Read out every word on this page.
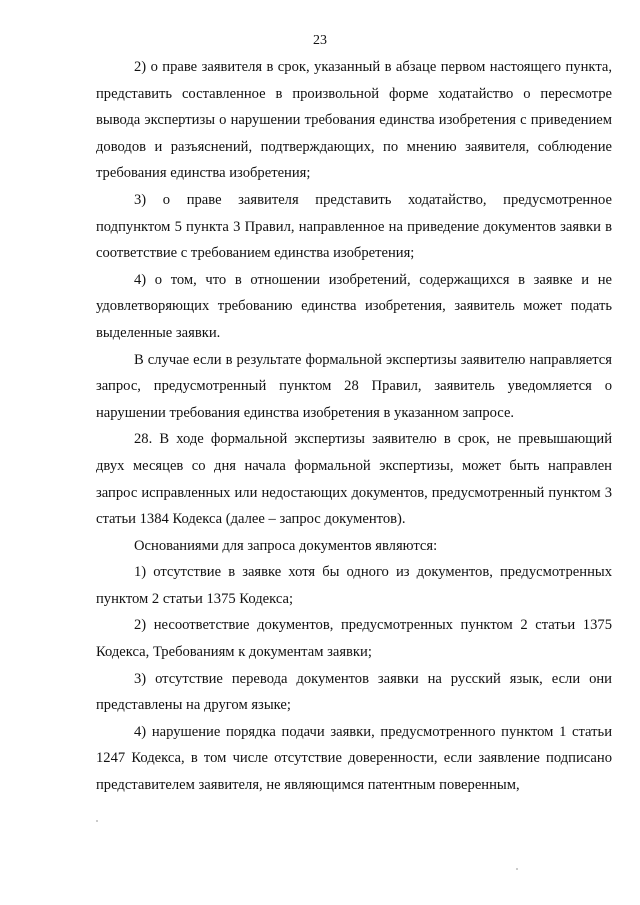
23

2) о праве заявителя в срок, указанный в абзаце первом настоящего пункта, представить составленное в произвольной форме ходатайство о пересмотре вывода экспертизы о нарушении требования единства изобретения с приведением доводов и разъяснений, подтверждающих, по мнению заявителя, соблюдение требования единства изобретения;

3) о праве заявителя представить ходатайство, предусмотренное подпунктом 5 пункта 3 Правил, направленное на приведение документов заявки в соответствие с требованием единства изобретения;

4) о том, что в отношении изобретений, содержащихся в заявке и не удовлетворяющих требованию единства изобретения, заявитель может подать выделенные заявки.

В случае если в результате формальной экспертизы заявителю направляется запрос, предусмотренный пунктом 28 Правил, заявитель уведомляется о нарушении требования единства изобретения в указанном запросе.

28. В ходе формальной экспертизы заявителю в срок, не превышающий двух месяцев со дня начала формальной экспертизы, может быть направлен запрос исправленных или недостающих документов, предусмотренный пунктом 3 статьи 1384 Кодекса (далее – запрос документов).

Основаниями для запроса документов являются:

1) отсутствие в заявке хотя бы одного из документов, предусмотренных пунктом 2 статьи 1375 Кодекса;

2) несоответствие документов, предусмотренных пунктом 2 статьи 1375 Кодекса, Требованиям к документам заявки;

3) отсутствие перевода документов заявки на русский язык, если они представлены на другом языке;

4) нарушение порядка подачи заявки, предусмотренного пунктом 1 статьи 1247 Кодекса, в том числе отсутствие доверенности, если заявление подписано представителем заявителя, не являющимся патентным поверенным,
